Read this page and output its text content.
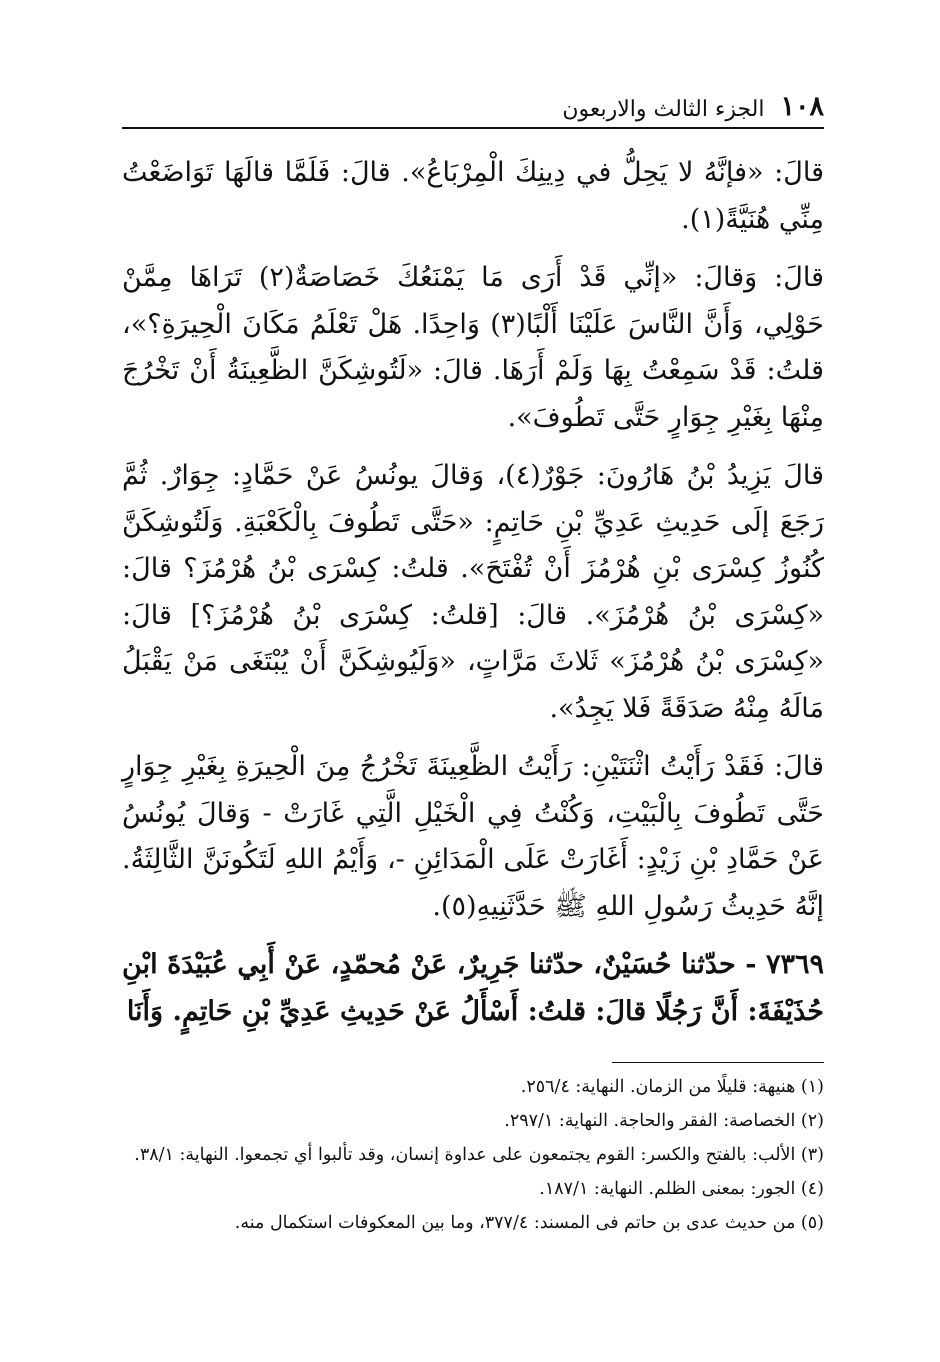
١٠٨
الجزء الثالث والاربعون

قالَ: «فإنَّهُ لا يَحِلُّ في دِينِكَ الْمِرْبَاعُ». قالَ: فَلَمَّا قالَهَا تَوَاضَعْتُ مِنِّي هُنَيَّةً(١).

قالَ: وَقالَ: «إنِّي قَدْ أَرَى مَا يَمْنَعُكَ خَصَاصَةٌ(٢) تَرَاهَا مِمَّنْ حَوْلِي، وَأَنَّ النَّاسَ عَلَيْنَا أَلْبًا(٣) وَاحِدًا. هَلْ تَعْلَمُ مَكَانَ الْحِيرَةِ؟»، قلتُ: قَدْ سَمِعْتُ بِهَا وَلَمْ أَرَهَا. قالَ: «لَتُوشِكَنَّ الظَّعِينَةُ أَنْ تَخْرُجَ مِنْهَا بِغَيْرِ جِوَارٍ حَتَّى تَطُوفَ».

قالَ يَزِيدُ بْنُ هَارُونَ: جَوْرٌ(٤)، وَقالَ يونُسُ عَنْ حَمَّادٍ: جِوَارٌ. ثُمَّ رَجَعَ إلَى حَدِيثِ عَدِيِّ بْنِ حَاتِمٍ: «حَتَّى تَطُوفَ بِالْكَعْبَةِ. وَلَتُوشِكَنَّ كُنُوزُ كِسْرَى بْنِ هُرْمُزَ أَنْ تُفْتَحَ». قلتُ: كِسْرَى بْنُ هُرْمُزَ؟ قالَ: «كِسْرَى بْنُ هُرْمُزَ». قالَ: [قلتُ: كِسْرَى بْنُ هُرْمُزَ؟] قالَ: «كِسْرَى بْنُ هُرْمُزَ» ثَلاثَ مَرَّاتٍ، «وَلَيُوشِكَنَّ أَنْ يُبْتَغَى مَنْ يَقْبَلُ مَالَهُ مِنْهُ صَدَقَةً فَلا يَجِدُ».

قالَ: فَقَدْ رَأَيْتُ اثْنَتَيْنِ: رَأَيْتُ الظَّعِينَةَ تَخْرُجُ مِنَ الْحِيرَةِ بِغَيْرِ جِوَارٍ حَتَّى تَطُوفَ بِالْبَيْتِ، وَكُنْتُ فِي الْخَيْلِ الَّتِي غَارَتْ - وَقالَ يُونُسُ عَنْ حَمَّادِ بْنِ زَيْدٍ: أَغَارَتْ عَلَى الْمَدَائِنِ -، وَأَيْمُ اللهِ لَتَكُونَنَّ الثَّالِثَةُ. إنَّهُ حَدِيثُ رَسُولِ اللهِ ﷺ حَدَّثَنِيهِ(٥).

٧٣٦٩ - حدّثنا حُسَيْنٌ، حدّثنا جَرِيرٌ، عَنْ مُحمّدٍ، عَنْ أَبِي عُبَيْدَةَ ابْنِ حُذَيْفَةَ: أَنَّ رَجُلًا قالَ: قلتُ: أَسْأَلُ عَنْ حَدِيثِ عَدِيِّ بْنِ حَاتِمٍ. وَأَنَا

(١) هنيهة: قليلًا من الزمان. النهاية: ٢٥٦/٤.

(٢) الخصاصة: الفقر والحاجة. النهاية: ٢٩٧/١.

(٣) الألب: بالفتح والكسر: القوم يجتمعون على عداوة إنسان، وقد تألبوا أي تجمعوا. النهاية: ٣٨/١.

(٤) الجور: بمعنى الظلم. النهاية: ١٨٧/١.

(٥) من حديث عدى بن حاتم فى المسند: ٣٧٧/٤، وما بين المعكوفات استكمال منه.
